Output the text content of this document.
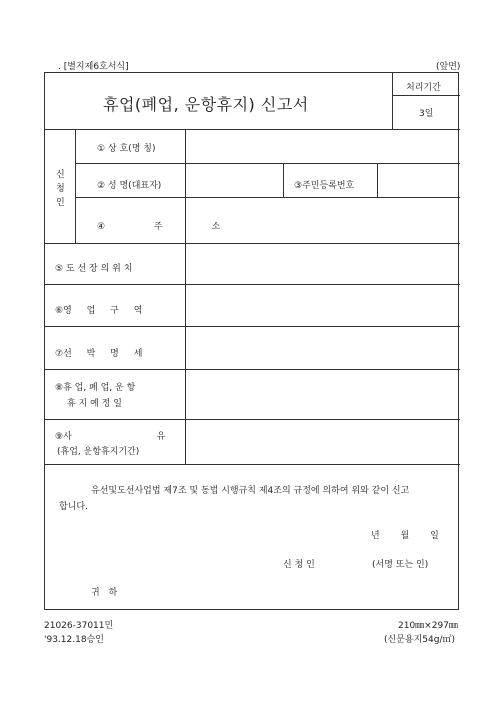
. [별지제6호서식]	(앞면)
휴업(폐업, 운항휴지) 신고서
처리기간
3일
신
청
인
① 상 호(명 칭)
② 성 명(대표자)	③주민등록번호
④ 주 소
⑤ 도 선 장 의 위 치
⑥영 업 구 역
⑦선 박 명 세
⑧휴 업, 폐 업, 운 항
휴 지 예 정 일
⑨사 유
(휴업, 운항휴지기간)
유선및도선사업법 제7조 및 동법 시행규칙 제4조의 규정에 의하여 위와 같이 신고
합니다.
년 월 일
신 청 인	(서명 또는 인)
귀 하
21026-37011민
'93.12.18승인
210㎜×297㎜
(신문용지54g/㎡)
